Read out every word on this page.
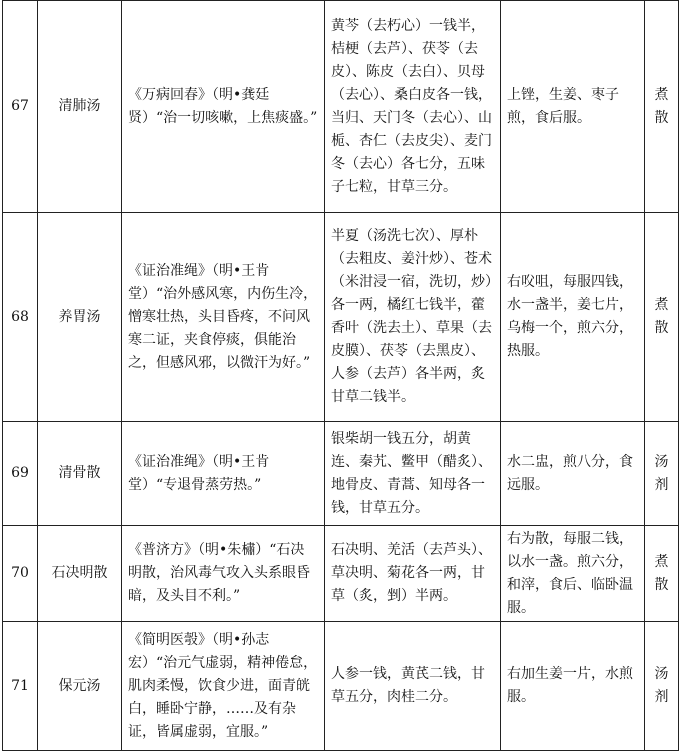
67	清肺汤	《万病回春》（明•龚廷贤）“治一切咳嗽，上焦痰盛。”	黄芩（去朽心）一钱半，桔梗（去芦）、茯苓（去皮）、陈皮（去白）、贝母（去心）、桑白皮各一钱，当归、天门冬（去心）、山栀、杏仁（去皮尖）、麦门冬（去心）各七分，五味子七粒，甘草三分。	上锉，生姜、枣子煎，食后服。	煮散
68	养胃汤	《证治准绳》（明•王肯堂）“治外感风寒，内伤生冷，憎寒壮热，头目昏疼，不问风寒二证，夹食停痰，俱能治之，但感风邪，以微汗为好。”	半夏（汤洗七次）、厚朴（去粗皮、姜汁炒）、苍术（米泔浸一宿，洗切，炒）各一两，橘红七钱半，藿香叶（洗去土）、草果（去皮膜）、茯苓（去黑皮）、人参（去芦）各半两，炙甘草二钱半。	右㕮咀，每服四钱，水一盏半，姜七片，乌梅一个，煎六分，热服。	煮散
69	清骨散	《证治准绳》（明•王肯堂）“专退骨蒸劳热。”	银柴胡一钱五分，胡黄连、秦艽、鳖甲（醋炙）、地骨皮、青蒿、知母各一钱，甘草五分。	水二盅，煎八分，食远服。	汤剂
70	石决明散	《普济方》（明•朱橚）“石决明散，治风毒气攻入头系眼昏暗，及头目不利。”	石决明、羌活（去芦头）、草决明、菊花各一两，甘草（炙，剉）半两。	右为散，每服二钱，以水一盏。煎六分，和滓，食后、临卧温服。	煮散
71	保元汤	《简明医彀》（明•孙志宏）“治元气虚弱，精神倦怠，肌肉柔慢，饮食少进，面青㿠白，睡卧宁静，……及有杂证，皆属虚弱，宜服。”	人参一钱，黄芪二钱，甘草五分，肉桂二分。	右加生姜一片，水煎服。	汤剂
